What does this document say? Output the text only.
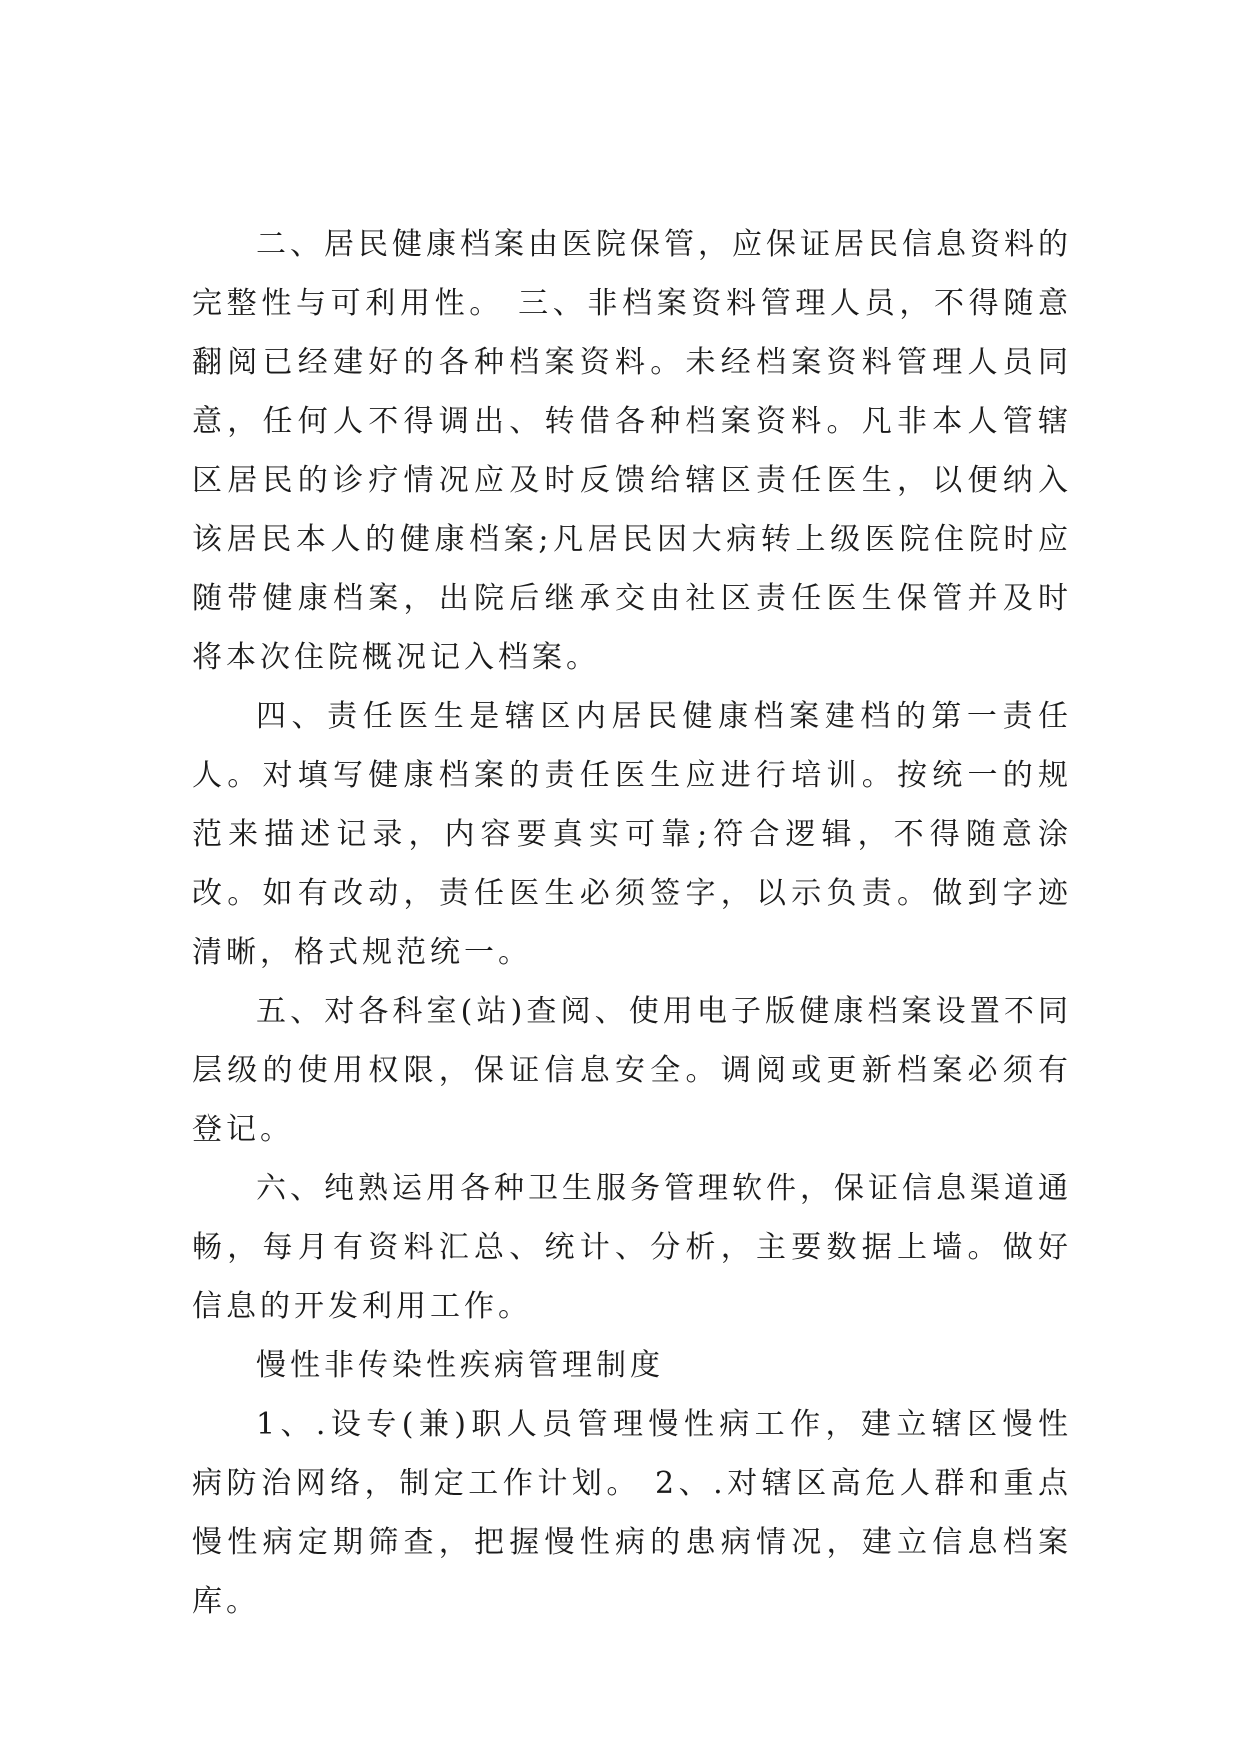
二、居民健康档案由医院保管，应保证居民信息资料的完整性与可利用性。 三、非档案资料管理人员，不得随意翻阅已经建好的各种档案资料。未经档案资料管理人员同意，任何人不得调出、转借各种档案资料。凡非本人管辖区居民的诊疗情况应及时反馈给辖区责任医生，以便纳入该居民本人的健康档案;凡居民因大病转上级医院住院时应随带健康档案，出院后继承交由社区责任医生保管并及时将本次住院概况记入档案。

四、责任医生是辖区内居民健康档案建档的第一责任人。对填写健康档案的责任医生应进行培训。按统一的规范来描述记录，内容要真实可靠;符合逻辑，不得随意涂改。如有改动，责任医生必须签字，以示负责。做到字迹清晰，格式规范统一。

五、对各科室(站)查阅、使用电子版健康档案设置不同层级的使用权限，保证信息安全。调阅或更新档案必须有登记。

六、纯熟运用各种卫生服务管理软件，保证信息渠道通畅，每月有资料汇总、统计、分析，主要数据上墙。做好信息的开发利用工作。

慢性非传染性疾病管理制度

1、.设专(兼)职人员管理慢性病工作，建立辖区慢性病防治网络，制定工作计划。 2、.对辖区高危人群和重点慢性病定期筛查，把握慢性病的患病情况，建立信息档案库。
